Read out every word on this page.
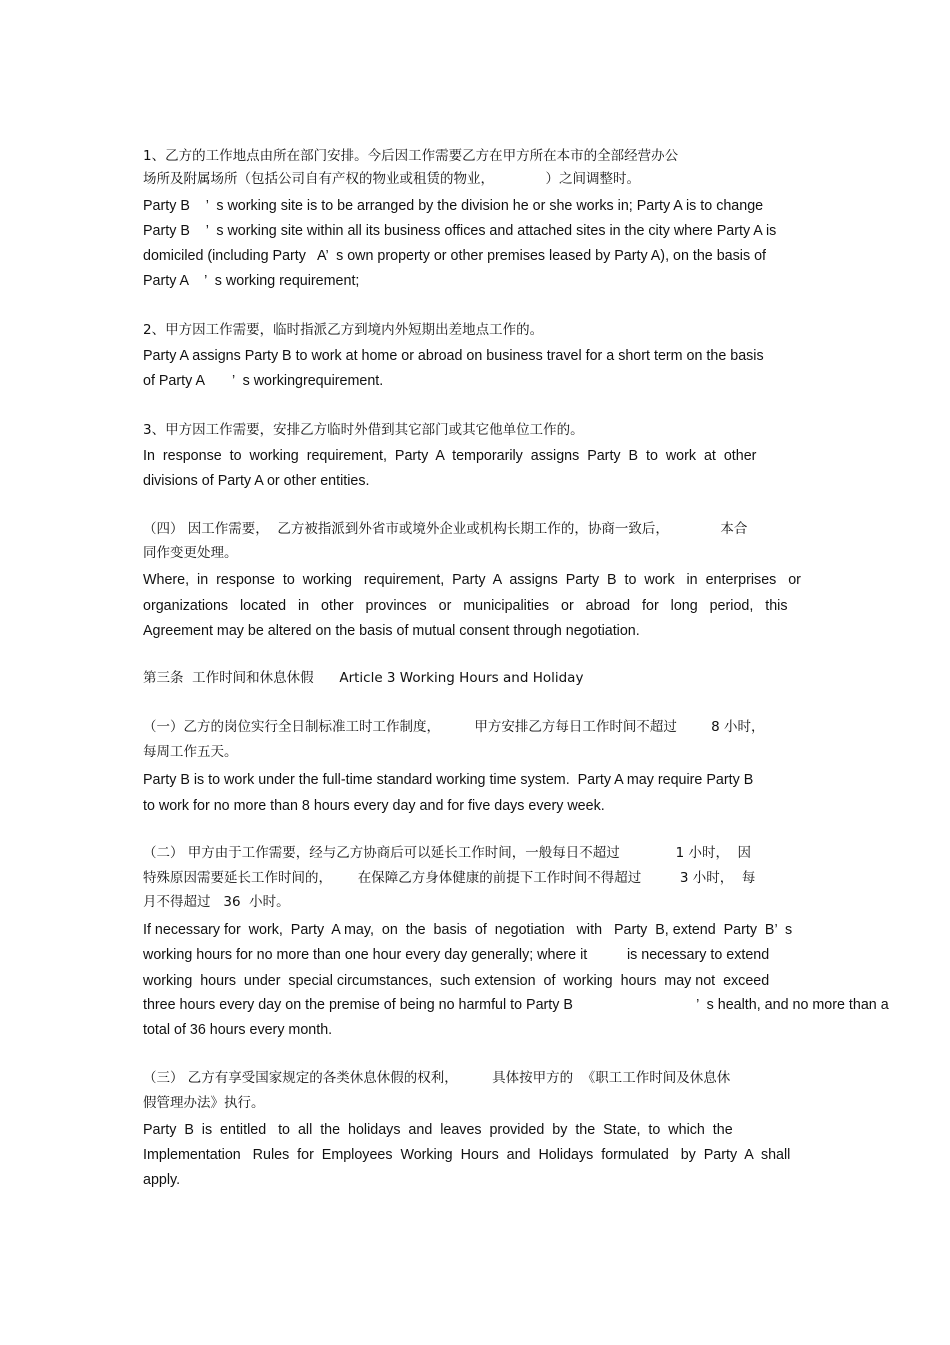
1、乙方的工作地点由所在部门安排。今后因工作需要乙方在甲方所在本市的全部经营办公
场所及附属场所（包括公司自有产权的物业或租赁的物业，            ）之间调整时。
Party B    ’  s working site is to be arranged by the division he or she works in; Party A is to change
Party B    ’  s working site within all its business offices and attached sites in the city where Party A is
domiciled (including Party   A’  s own property or other premises leased by Party A), on the basis of
Party A    ’  s working requirement;
2、甲方因工作需要，临时指派乙方到境内外短期出差地点工作的。
Party A assigns Party B to work at home or abroad on business travel for a short term on the basis
of Party A       ’  s workingrequirement.
3、甲方因工作需要，安排乙方临时外借到其它部门或其它他单位工作的。
In  response  to  working  requirement,  Party  A  temporarily  assigns  Party  B  to  work  at  other
divisions of Party A or other entities.
（四） 因工作需要，  乙方被指派到外省市或境外企业或机构长期工作的，协商一致后，            本合
同作变更处理。
Where,  in  response  to  working   requirement,  Party  A  assigns  Party  B  to  work   in  enterprises   or
organizations   located   in   other   provinces   or   municipalities   or   abroad   for   long   period,   this
Agreement may be altered on the basis of mutual consent through negotiation.
第三条  工作时间和休息休假      Article 3 Working Hours and Holiday
（一）乙方的岗位实行全日制标准工时工作制度，        甲方安排乙方每日工作时间不超过        8 小时，
每周工作五天。
Party B is to work under the full-time standard working time system.  Party A may require Party B
to work for no more than 8 hours every day and for five days every week.
（二） 甲方由于工作需要，经与乙方协商后可以延长工作时间，一般每日不超过             1 小时，  因
特殊原因需要延长工作时间的，      在保障乙方身体健康的前提下工作时间不得超过         3 小时，  每
月不得超过   36  小时。
If necessary for  work,  Party  A may,  on  the  basis  of  negotiation   with   Party  B, extend  Party  B’  s
working hours for no more than one hour every day generally; where it          is necessary to extend
working  hours  under  special circumstances,  such extension  of  working  hours  may not  exceed
three hours every day on the premise of being no harmful to Party B                               ’  s health, and no more than a
total of 36 hours every month.
（三） 乙方有享受国家规定的各类休息休假的权利，        具体按甲方的  《职工工作时间及休息休
假管理办法》执行。
Party  B  is  entitled   to  all  the  holidays  and  leaves  provided  by  the  State,  to  which  the
Implementation   Rules  for  Employees  Working  Hours  and  Holidays  formulated   by  Party  A  shall
apply.
